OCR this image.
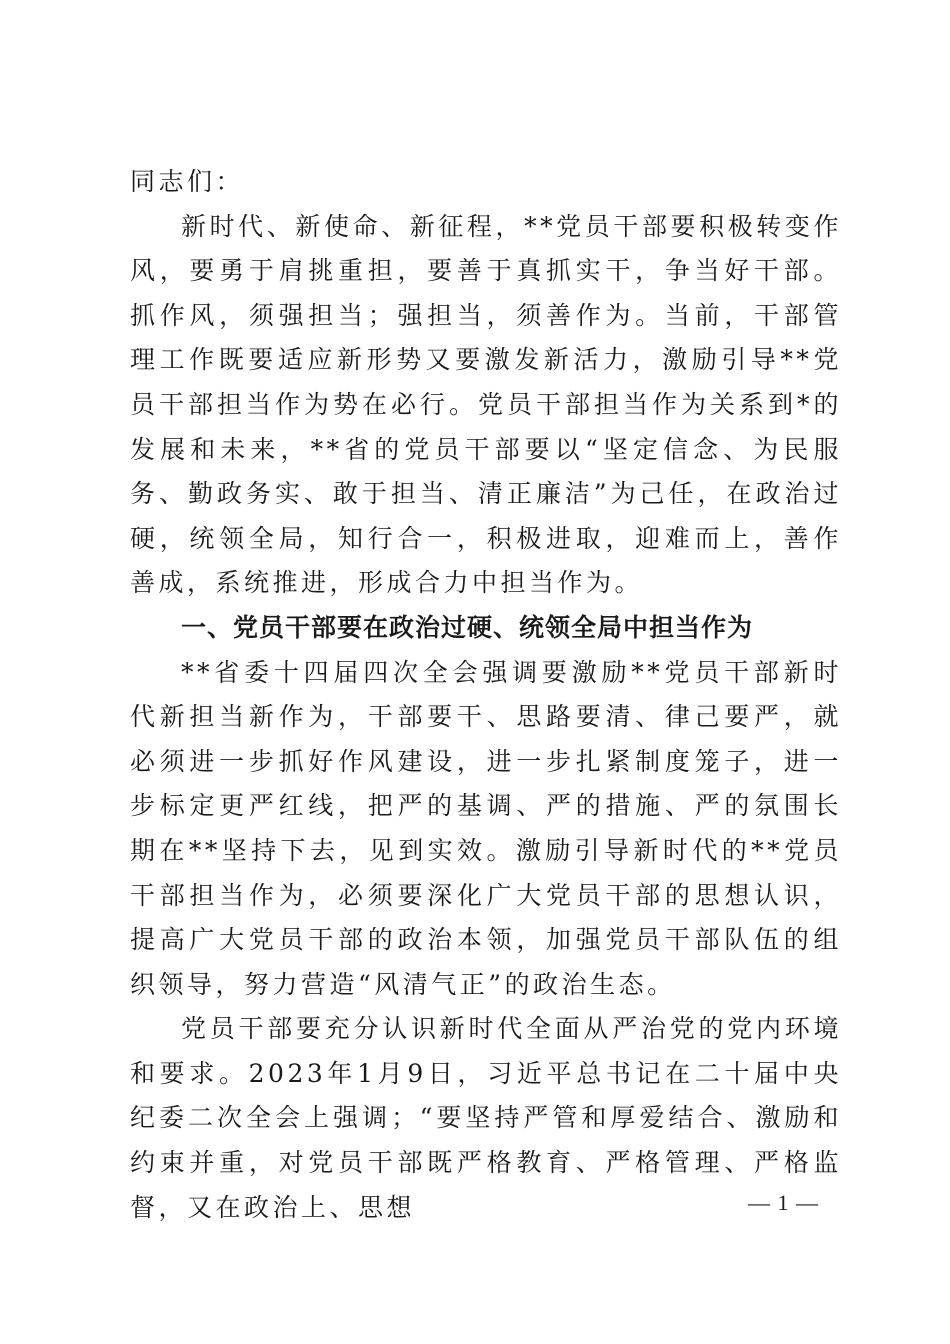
同志们：

新时代、新使命、新征程，**党员干部要积极转变作风，要勇于肩挑重担，要善于真抓实干，争当好干部。抓作风，须强担当；强担当，须善作为。当前，干部管理工作既要适应新形势又要激发新活力，激励引导**党员干部担当作为势在必行。党员干部担当作为关系到*的发展和未来，**省的党员干部要以“坚定信念、为民服务、勤政务实、敢于担当、清正廉洁”为己任，在政治过硬，统领全局，知行合一，积极进取，迎难而上，善作善成，系统推进，形成合力中担当作为。

一、党员干部要在政治过硬、统领全局中担当作为

**省委十四届四次全会强调要激励**党员干部新时代新担当新作为，干部要干、思路要清、律己要严，就必须进一步抓好作风建设，进一步扎紧制度笼子，进一步标定更严红线，把严的基调、严的措施、严的氛围长期在**坚持下去，见到实效。激励引导新时代的**党员干部担当作为，必须要深化广大党员干部的思想认识，提高广大党员干部的政治本领，加强党员干部队伍的组织领导，努力营造“风清气正”的政治生态。

党员干部要充分认识新时代全面从严治党的党内环境和要求。2023年1月9日，习近平总书记在二十届中央纪委二次全会上强调；“要坚持严管和厚爱结合、激励和约束并重，对党员干部既严格教育、严格管理、严格监督，又在政治上、思想	— 1 —
